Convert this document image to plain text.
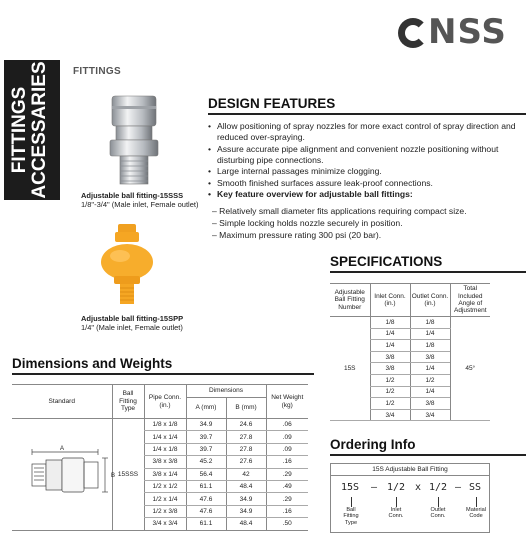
FITTINGS ACCESSARIES FITTINGS
NSS
Adjustable ball fitting-15SSS
1/8"-3/4" (Male inlet, Female outlet)
Adjustable ball fitting-15SPP
1/4" (Male inlet, Female outlet)
DESIGN FEATURES
• Allow positioning of spray nozzles for more exact control of spray direction and reduced over-spraying.
• Assure accurate pipe alignment and convenient nozzle positioning without disturbing pipe connections.
• Large internal passages minimize clogging.
• Smooth finished surfaces assure leak-proof connections.
• Key feature overview for adjustable ball fittings:
– Relatively small diameter fits applications requiring compact size.
– Simple locking holds nozzle securely in position.
– Maximum pressure rating 300 psi (20 bar).
SPECIFICATIONS
Adjustable Ball Fitting Number	Inlet Conn. (in.)	Outlet Conn. (in.)	Total Included Angle of Adjustment
15S	1/8	1/8	45°
	1/4	1/4	
	1/4	1/8	
	3/8	3/8	
	3/8	1/4	
	1/2	1/2	
	1/2	1/4	
	1/2	3/8	
	3/4	3/4	
Dimensions and Weights
Standard	Ball Fitting Type	Pipe Conn. (in.)	Dimensions		Net Weight (kg)
			A (mm)	B (mm)	
	15SSS	1/8 x 1/8	34.9	24.6	.06
		1/4 x 1/4	39.7	27.8	.09
		1/4 x 1/8	39.7	27.8	.09
		3/8 x 3/8	45.2	27.6	.16
		3/8 x 1/4	56.4	42	.29
		1/2 x 1/2	61.1	48.4	.49
		1/2 x 1/4	47.6	34.9	.29
		1/2 x 3/8	47.6	34.9	.16
		3/4 x 3/4	61.1	48.4	.50
A
B
Ordering Info
15S Adjustable Ball Fitting
15S – 1/2 x 1/2 – SS
Ball Fitting Type
Inlet Conn.
Outlet Conn.
Material Code
